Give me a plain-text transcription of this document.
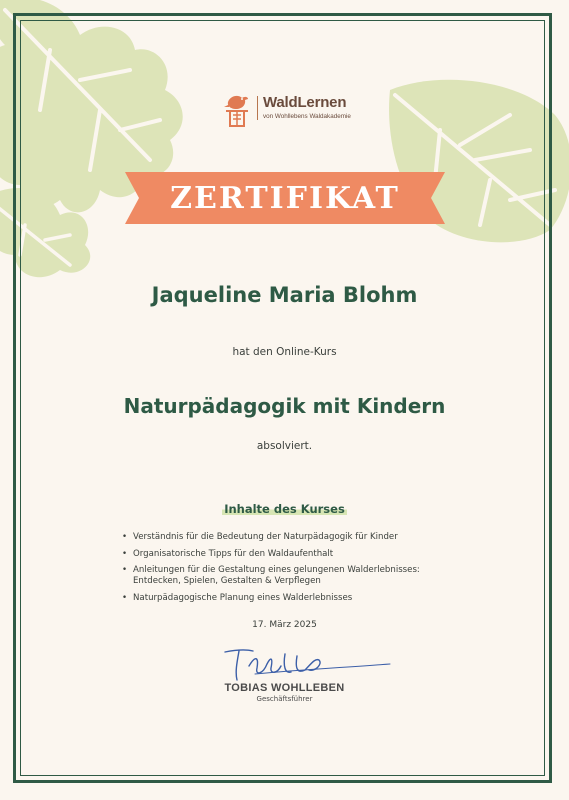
WaldLernen
von Wohllebens Waldakademie
ZERTIFIKAT
Jaqueline Maria Blohm
hat den Online-Kurs
Naturpädagogik mit Kindern
absolviert.
Inhalte des Kurses
• Verständnis für die Bedeutung der Naturpädagogik für Kinder
• Organisatorische Tipps für den Waldaufenthalt
• Anleitungen für die Gestaltung eines gelungenen Walderlebnisses: Entdecken, Spielen, Gestalten & Verpflegen
• Naturpädagogische Planung eines Walderlebnisses
17. März 2025
TOBIAS WOHLLEBEN
Geschäftsführer
